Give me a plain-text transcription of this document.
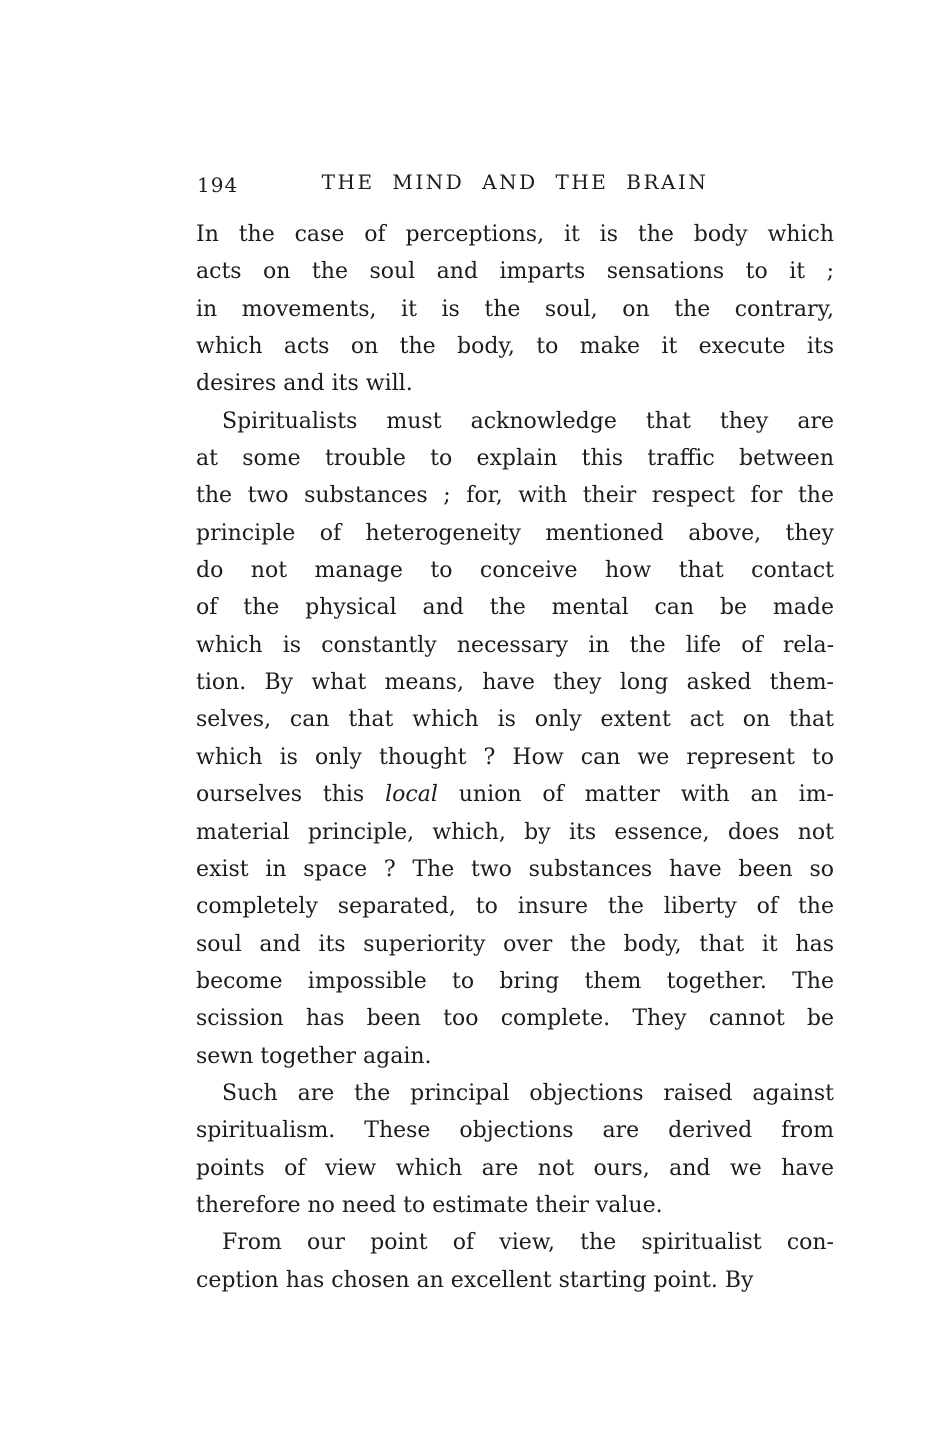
194	THE MIND AND THE BRAIN
In the case of perceptions, it is the body which
acts on the soul and imparts sensations to it ;
in movements, it is the soul, on the contrary,
which acts on the body, to make it execute its
desires and its will.
Spiritualists must acknowledge that they are
at some trouble to explain this traffic between
the two substances ; for, with their respect for the
principle of heterogeneity mentioned above, they
do not manage to conceive how that contact
of the physical and the mental can be made
which is constantly necessary in the life of rela-
tion. By what means, have they long asked them-
selves, can that which is only extent act on that
which is only thought ? How can we represent to
ourselves this local union of matter with an im-
material principle, which, by its essence, does not
exist in space ? The two substances have been so
completely separated, to insure the liberty of the
soul and its superiority over the body, that it has
become impossible to bring them together. The
scission has been too complete. They cannot be
sewn together again.
Such are the principal objections raised against
spiritualism. These objections are derived from
points of view which are not ours, and we have
therefore no need to estimate their value.
From our point of view, the spiritualist con-
ception has chosen an excellent starting point. By
